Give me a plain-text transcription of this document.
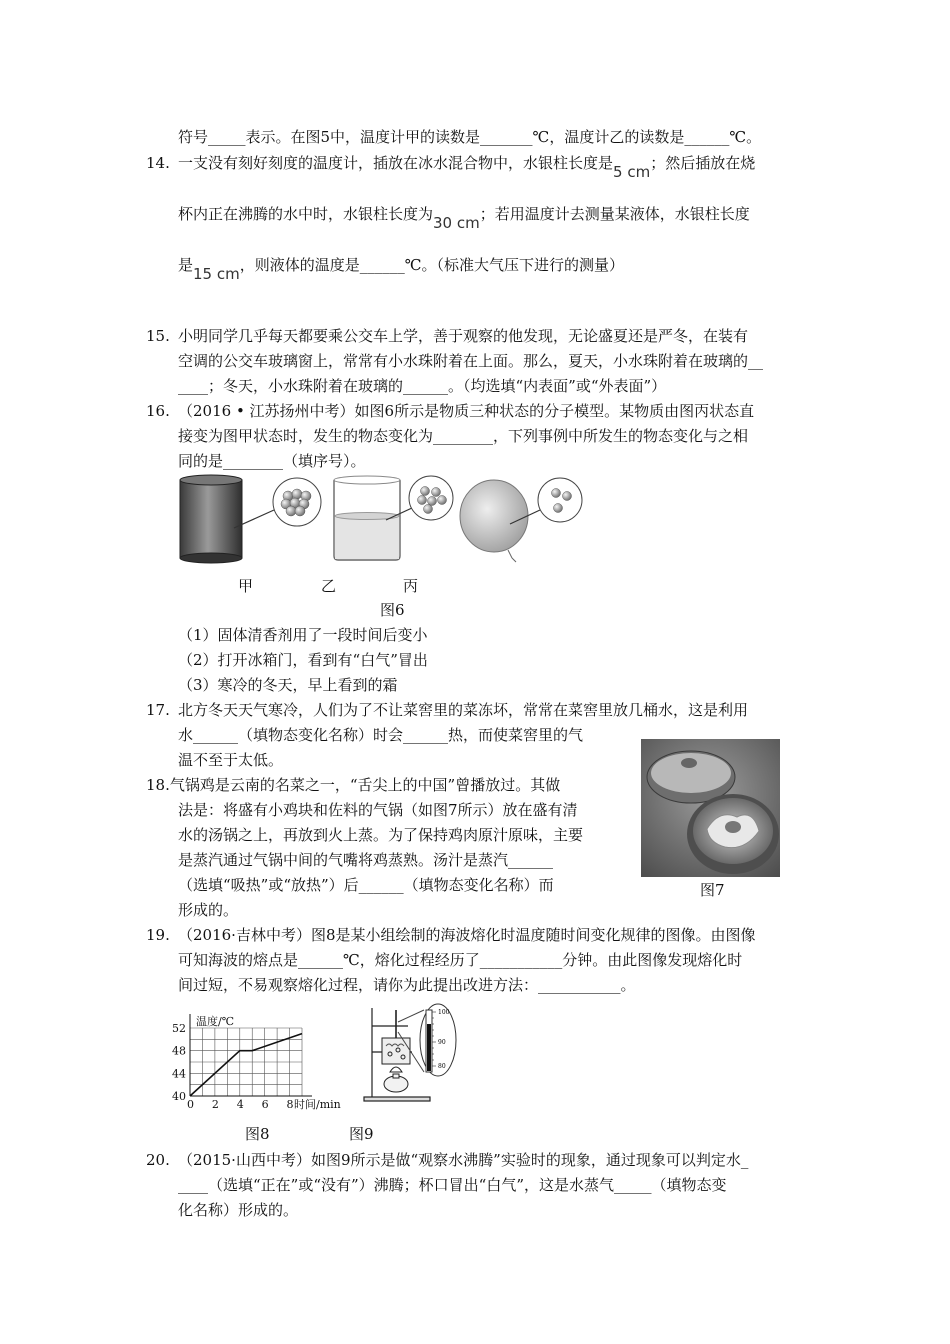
符号_____表示。在图5中，温度计甲的读数是_______℃，温度计乙的读数是______℃。
14. 一支没有刻好刻度的温度计，插放在冰水混合物中，水银柱长度是5 cm；然后插放在烧
杯内正在沸腾的水中时，水银柱长度为30 cm；若用温度计去测量某液体，水银柱长度
是15 cm，则液体的温度是______℃。（标准大气压下进行的测量）
15. 小明同学几乎每天都要乘公交车上学，善于观察的他发现，无论盛夏还是严冬，在装有
空调的公交车玻璃窗上，常常有小水珠附着在上面。那么，夏天，小水珠附着在玻璃的__
____；冬天，小水珠附着在玻璃的______。（均选填“内表面”或“外表面”）
16. （2016 • 江苏扬州中考）如图6所示是物质三种状态的分子模型。某物质由图丙状态直
接变为图甲状态时，发生的物态变化为________，下列事例中所发生的物态变化与之相
同的是________（填序号）。
甲	乙	丙
图6
（1）固体清香剂用了一段时间后变小
（2）打开冰箱门，看到有“白气”冒出
（3）寒冷的冬天，早上看到的霜
17. 北方冬天天气寒冷，人们为了不让菜窖里的菜冻坏，常常在菜窖里放几桶水，这是利用
水______（填物态变化名称）时会______热，而使菜窖里的气
温不至于太低。
18.气锅鸡是云南的名菜之一，“舌尖上的中国”曾播放过。其做
法是：将盛有小鸡块和佐料的气锅（如图7所示）放在盛有清
水的汤锅之上，再放到火上蒸。为了保持鸡肉原汁原味，主要
是蒸汽通过气锅中间的气嘴将鸡蒸熟。汤汁是蒸汽______
（选填“吸热”或“放热”）后______（填物态变化名称）而
形成的。
图7
19. （2016·吉林中考）图8是某小组绘制的海波熔化时温度随时间变化规律的图像。由图像
可知海波的熔点是______℃，熔化过程经历了___________分钟。由此图像发现熔化时
间过短，不易观察熔化过程，请你为此提出改进方法：___________。
0 2 4 6 8
40
44
48
52
温度/℃
时间/min
100
90
80
图8	图9
20. （2015·山西中考）如图9所示是做“观察水沸腾”实验时的现象，通过现象可以判定水_
____（选填“正在”或“没有”）沸腾；杯口冒出“白气”，这是水蒸气_____（填物态变
化名称）形成的。
